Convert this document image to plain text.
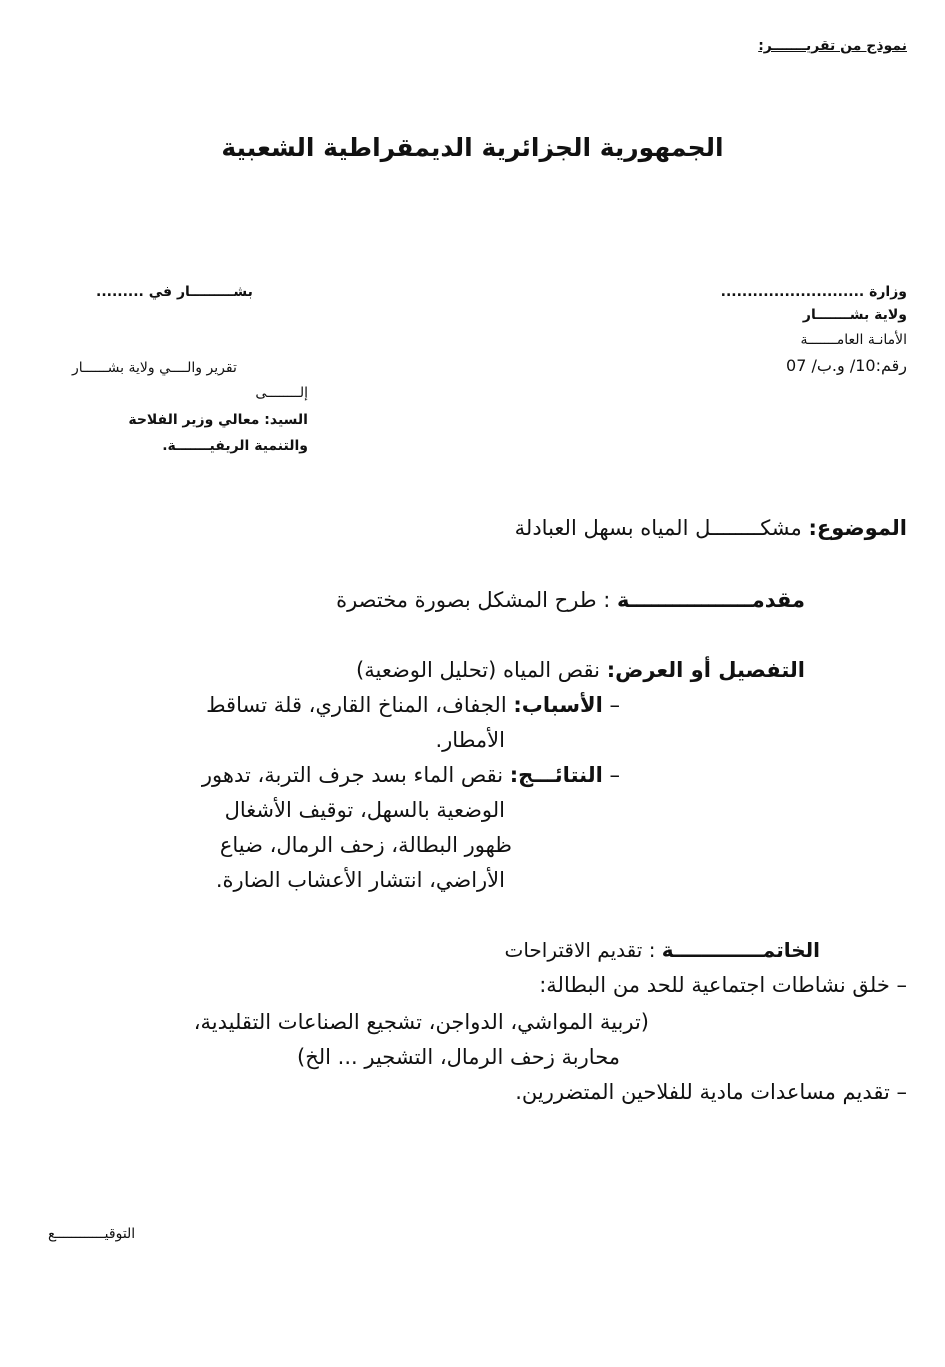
نموذج من تقريـــــــر:
الجمهورية الجزائرية الديمقراطية الشعبية
وزارة ...........................
ولاية بشـــــــار
الأمانـة العامـــــــة
رقم:10/ و.ب/ 07
بشـــــــــار في .........
تقرير والــــي ولاية بشــــــار
إلــــــــى
السيد: معالي وزير الفلاحة
والتنمية الريفيـــــــة.
الموضوع: مشكــــــــل المياه بسهل العبادلة
مقدمـــــــــــــــــة : طرح المشكل بصورة مختصرة
التفصيل أو العرض: نقص المياه (تحليل الوضعية)
– الأسباب: الجفاف، المناخ القاري، قلة تساقط
الأمطار.
– النتائـــج: نقص الماء بسد جرف التربة، تدهور
الوضعية بالسهل، توقيف الأشغال
ظهور البطالة، زحف الرمال، ضياع
الأراضي، انتشار الأعشاب الضارة.
الخاتمـــــــــــــة : تقديم الاقتراحات
– خلق نشاطات اجتماعية للحد من البطالة:
(تربية المواشي، الدواجن، تشجيع الصناعات التقليدية،
محاربة زحف الرمال، التشجير ... الخ)
– تقديم مساعدات مادية للفلاحين المتضررين.
التوقيــــــــــــع
